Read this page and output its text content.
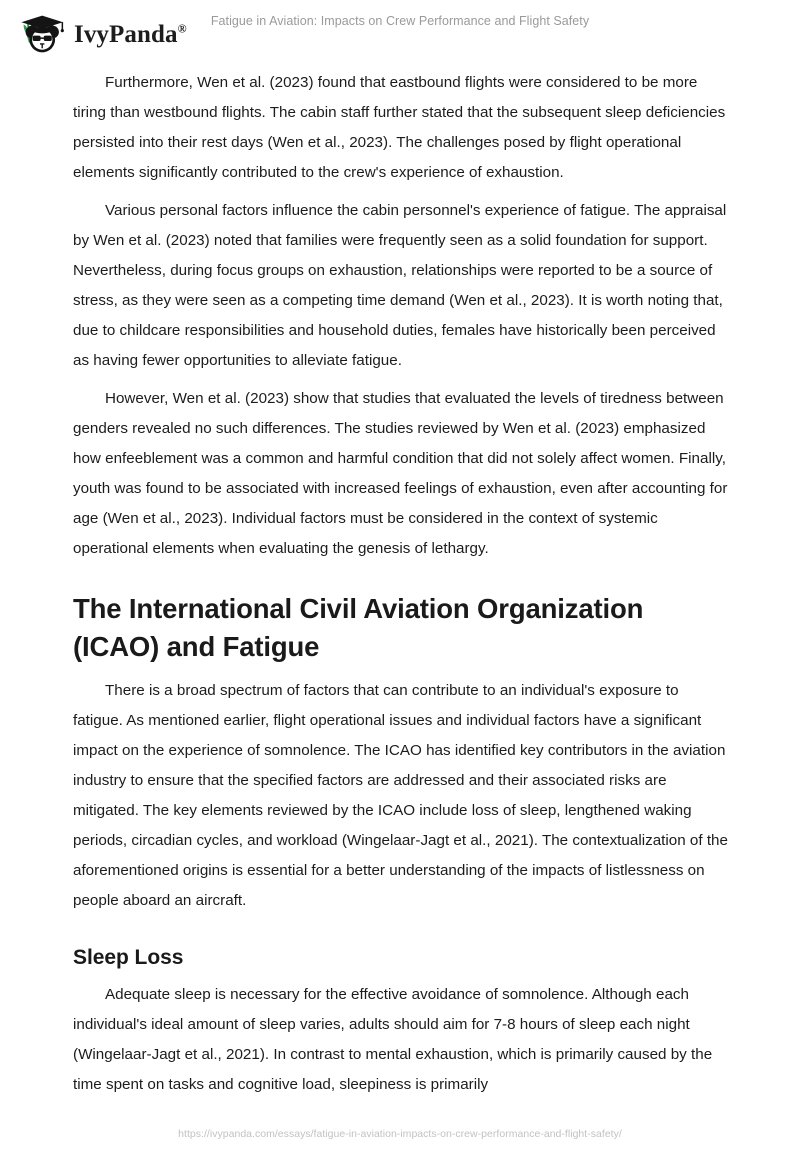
IvyPanda®
Fatigue in Aviation: Impacts on Crew Performance and Flight Safety

Furthermore, Wen et al. (2023) found that eastbound flights were considered to be more tiring than westbound flights. The cabin staff further stated that the subsequent sleep deficiencies persisted into their rest days (Wen et al., 2023). The challenges posed by flight operational elements significantly contributed to the crew's experience of exhaustion.

Various personal factors influence the cabin personnel's experience of fatigue. The appraisal by Wen et al. (2023) noted that families were frequently seen as a solid foundation for support. Nevertheless, during focus groups on exhaustion, relationships were reported to be a source of stress, as they were seen as a competing time demand (Wen et al., 2023). It is worth noting that, due to childcare responsibilities and household duties, females have historically been perceived as having fewer opportunities to alleviate fatigue.

However, Wen et al. (2023) show that studies that evaluated the levels of tiredness between genders revealed no such differences. The studies reviewed by Wen et al. (2023) emphasized how enfeeblement was a common and harmful condition that did not solely affect women. Finally, youth was found to be associated with increased feelings of exhaustion, even after accounting for age (Wen et al., 2023). Individual factors must be considered in the context of systemic operational elements when evaluating the genesis of lethargy.

The International Civil Aviation Organization (ICAO) and Fatigue

There is a broad spectrum of factors that can contribute to an individual's exposure to fatigue. As mentioned earlier, flight operational issues and individual factors have a significant impact on the experience of somnolence. The ICAO has identified key contributors in the aviation industry to ensure that the specified factors are addressed and their associated risks are mitigated. The key elements reviewed by the ICAO include loss of sleep, lengthened waking periods, circadian cycles, and workload (Wingelaar-Jagt et al., 2021). The contextualization of the aforementioned origins is essential for a better understanding of the impacts of listlessness on people aboard an aircraft.

Sleep Loss

Adequate sleep is necessary for the effective avoidance of somnolence. Although each individual's ideal amount of sleep varies, adults should aim for 7-8 hours of sleep each night (Wingelaar-Jagt et al., 2021). In contrast to mental exhaustion, which is primarily caused by the time spent on tasks and cognitive load, sleepiness is primarily

https://ivypanda.com/essays/fatigue-in-aviation-impacts-on-crew-performance-and-flight-safety/
